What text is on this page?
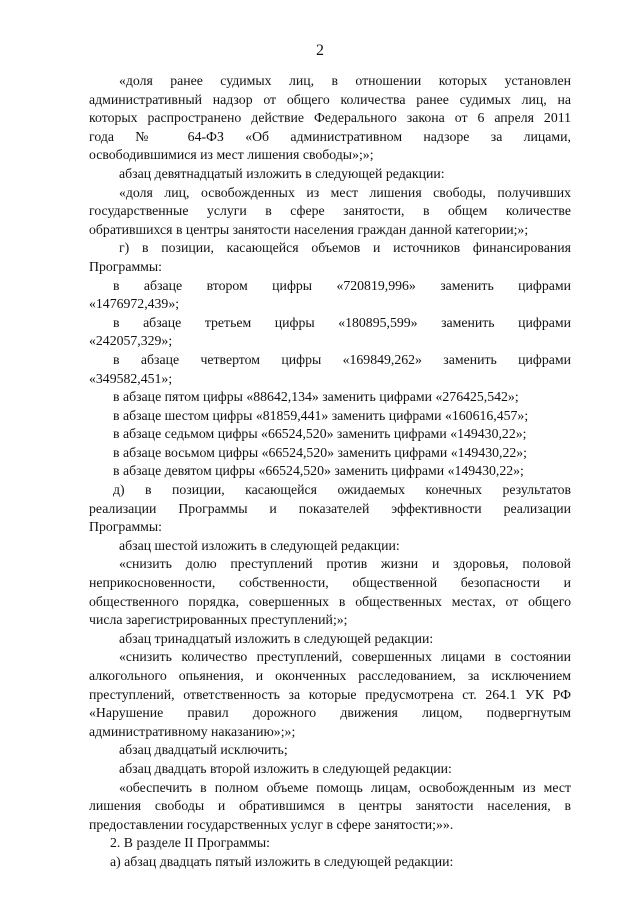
2
«доля ранее судимых лиц, в отношении которых установлен
административный надзор от общего количества ранее судимых лиц, на
которых распространено действие Федерального закона от 6 апреля 2011
года № 64-ФЗ «Об административном надзоре за лицами,
освободившимися из мест лишения свободы»;»;
абзац девятнадцатый изложить в следующей редакции:
«доля лиц, освобожденных из мест лишения свободы, получивших
государственные услуги в сфере занятости, в общем количестве
обратившихся в центры занятости населения граждан данной категории;»;
г) в позиции, касающейся объемов и источников финансирования
Программы:
в абзаце втором цифры «720819,996» заменить цифрами
«1476972,439»;
в абзаце третьем цифры «180895,599» заменить цифрами
«242057,329»;
в абзаце четвертом цифры «169849,262» заменить цифрами
«349582,451»;
в абзаце пятом цифры «88642,134» заменить цифрами «276425,542»;
в абзаце шестом цифры «81859,441» заменить цифрами «160616,457»;
в абзаце седьмом цифры «66524,520» заменить цифрами «149430,22»;
в абзаце восьмом цифры «66524,520» заменить цифрами «149430,22»;
в абзаце девятом цифры «66524,520» заменить цифрами «149430,22»;
д) в позиции, касающейся ожидаемых конечных результатов
реализации Программы и показателей эффективности реализации
Программы:
абзац шестой изложить в следующей редакции:
«снизить долю преступлений против жизни и здоровья, половой
неприкосновенности, собственности, общественной безопасности и
общественного порядка, совершенных в общественных местах, от общего
числа зарегистрированных преступлений;»;
абзац тринадцатый изложить в следующей редакции:
«снизить количество преступлений, совершенных лицами в состоянии
алкогольного опьянения, и оконченных расследованием, за исключением
преступлений, ответственность за которые предусмотрена ст. 264.1 УК РФ
«Нарушение правил дорожного движения лицом, подвергнутым
административному наказанию»;»;
абзац двадцатый исключить;
абзац двадцать второй изложить в следующей редакции:
«обеспечить в полном объеме помощь лицам, освобожденным из мест
лишения свободы и обратившимся в центры занятости населения, в
предоставлении государственных услуг в сфере занятости;»».
2. В разделе II Программы:
а) абзац двадцать пятый изложить в следующей редакции:
